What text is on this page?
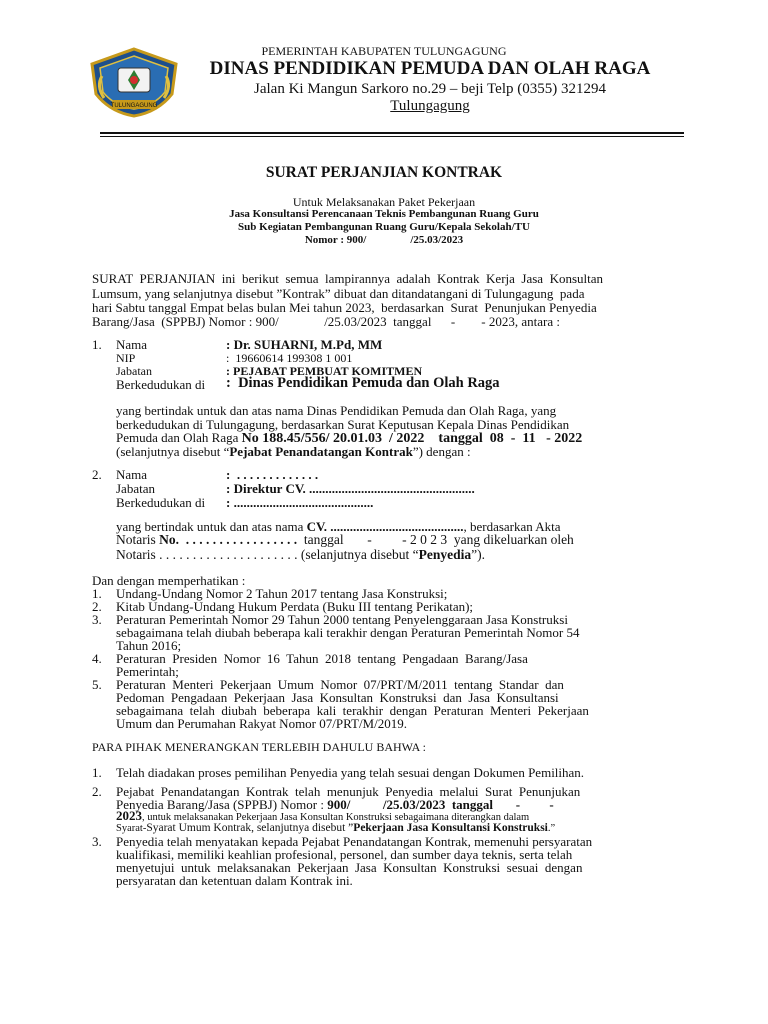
TULUNGAGUNG
PEMERINTAH KABUPATEN TULUNGAGUNG
DINAS PENDIDIKAN PEMUDA DAN OLAH RAGA
Jalan Ki Mangun Sarkoro no.29 – beji Telp (0355) 321294
Tulungagung
SURAT PERJANJIAN KONTRAK
Untuk Melaksanakan Paket Pekerjaan
Jasa Konsultansi Perencanaan Teknis Pembangunan Ruang Guru
Sub Kegiatan Pembangunan Ruang Guru/Kepala Sekolah/TU
Nomor : 900/                /25.03/2023
SURAT  PERJANJIAN  ini  berikut  semua  lampirannya  adalah  Kontrak  Kerja  Jasa  Konsultan
Lumsum, yang selanjutnya disebut ”Kontrak” dibuat dan ditandatangani di Tulungagung  pada
hari Sabtu tanggal Empat belas bulan Mei tahun 2023,  berdasarkan  Surat  Penunjukan Penyedia
Barang/Jasa  (SPPBJ) Nomor : 900/              /25.03/2023  tanggal      -        - 2023, antara :
1. Nama
NIP
Jabatan
Berkedudukan di
: Dr. SUHARNI, M.Pd, MM
:  19660614 199308 1 001
: PEJABAT PEMBUAT KOMITMEN
:  Dinas Pendidikan Pemuda dan Olah Raga
yang bertindak untuk dan atas nama Dinas Pendidikan Pemuda dan Olah Raga, yang
berkedudukan di Tulungagung, berdasarkan Surat Keputusan Kepala Dinas Pendidikan
Pemuda dan Olah Raga No 188.45/556/ 20.01.03  / 2022    tanggal  08  -  11   - 2022
(selanjutnya disebut “Pejabat Penandatangan Kontrak”) dengan :
2. Nama
Jabatan
Berkedudukan di
:  . . . . . . . . . . . . .
: Direktur CV. ...................................................
: ...........................................
yang bertindak untuk dan atas nama CV. ........................................., berdasarkan Akta
Notaris No.  . . . . . . . . . . . . . . . . .  tanggal       -         - 2 0 2 3  yang dikeluarkan oleh
Notaris . . . . . . . . . . . . . . . . . . . . . (selanjutnya disebut “Penyedia”).
Dan dengan memperhatikan :
1. Undang-Undang Nomor 2 Tahun 2017 tentang Jasa Konstruksi;
2. Kitab Undang-Undang Hukum Perdata (Buku III tentang Perikatan);
3. Peraturan Pemerintah Nomor 29 Tahun 2000 tentang Penyelenggaraan Jasa Konstruksi
sebagaimana telah diubah beberapa kali terakhir dengan Peraturan Pemerintah Nomor 54
Tahun 2016;
4. Peraturan  Presiden  Nomor  16  Tahun  2018  tentang  Pengadaan  Barang/Jasa
Pemerintah;
5. Peraturan  Menteri  Pekerjaan  Umum  Nomor  07/PRT/M/2011  tentang  Standar  dan
Pedoman  Pengadaan  Pekerjaan  Jasa  Konsultan  Konstruksi  dan  Jasa  Konsultansi
sebagaimana  telah  diubah  beberapa  kali  terakhir  dengan  Peraturan  Menteri  Pekerjaan
Umum dan Perumahan Rakyat Nomor 07/PRT/M/2019.
PARA PIHAK MENERANGKAN TERLEBIH DAHULU BAHWA :
1. Telah diadakan proses pemilihan Penyedia yang telah sesuai dengan Dokumen Pemilihan.
2. Pejabat  Penandatangan  Kontrak  telah  menunjuk  Penyedia  melalui  Surat  Penunjukan
Penyedia Barang/Jasa (SPPBJ) Nomor : 900/          /25.03/2023  tanggal       -         -
2023, untuk melaksanakan Pekerjaan Jasa Konsultan Konstruksi sebagaimana diterangkan dalam
Syarat-Syarat Umum Kontrak, selanjutnya disebut ”Pekerjaan Jasa Konsultansi Konstruksi.”
3. Penyedia telah menyatakan kepada Pejabat Penandatangan Kontrak, memenuhi persyaratan
kualifikasi, memiliki keahlian profesional, personel, dan sumber daya teknis, serta telah
menyetujui  untuk  melaksanakan  Pekerjaan  Jasa  Konsultan  Konstruksi  sesuai  dengan
persyaratan dan ketentuan dalam Kontrak ini.
